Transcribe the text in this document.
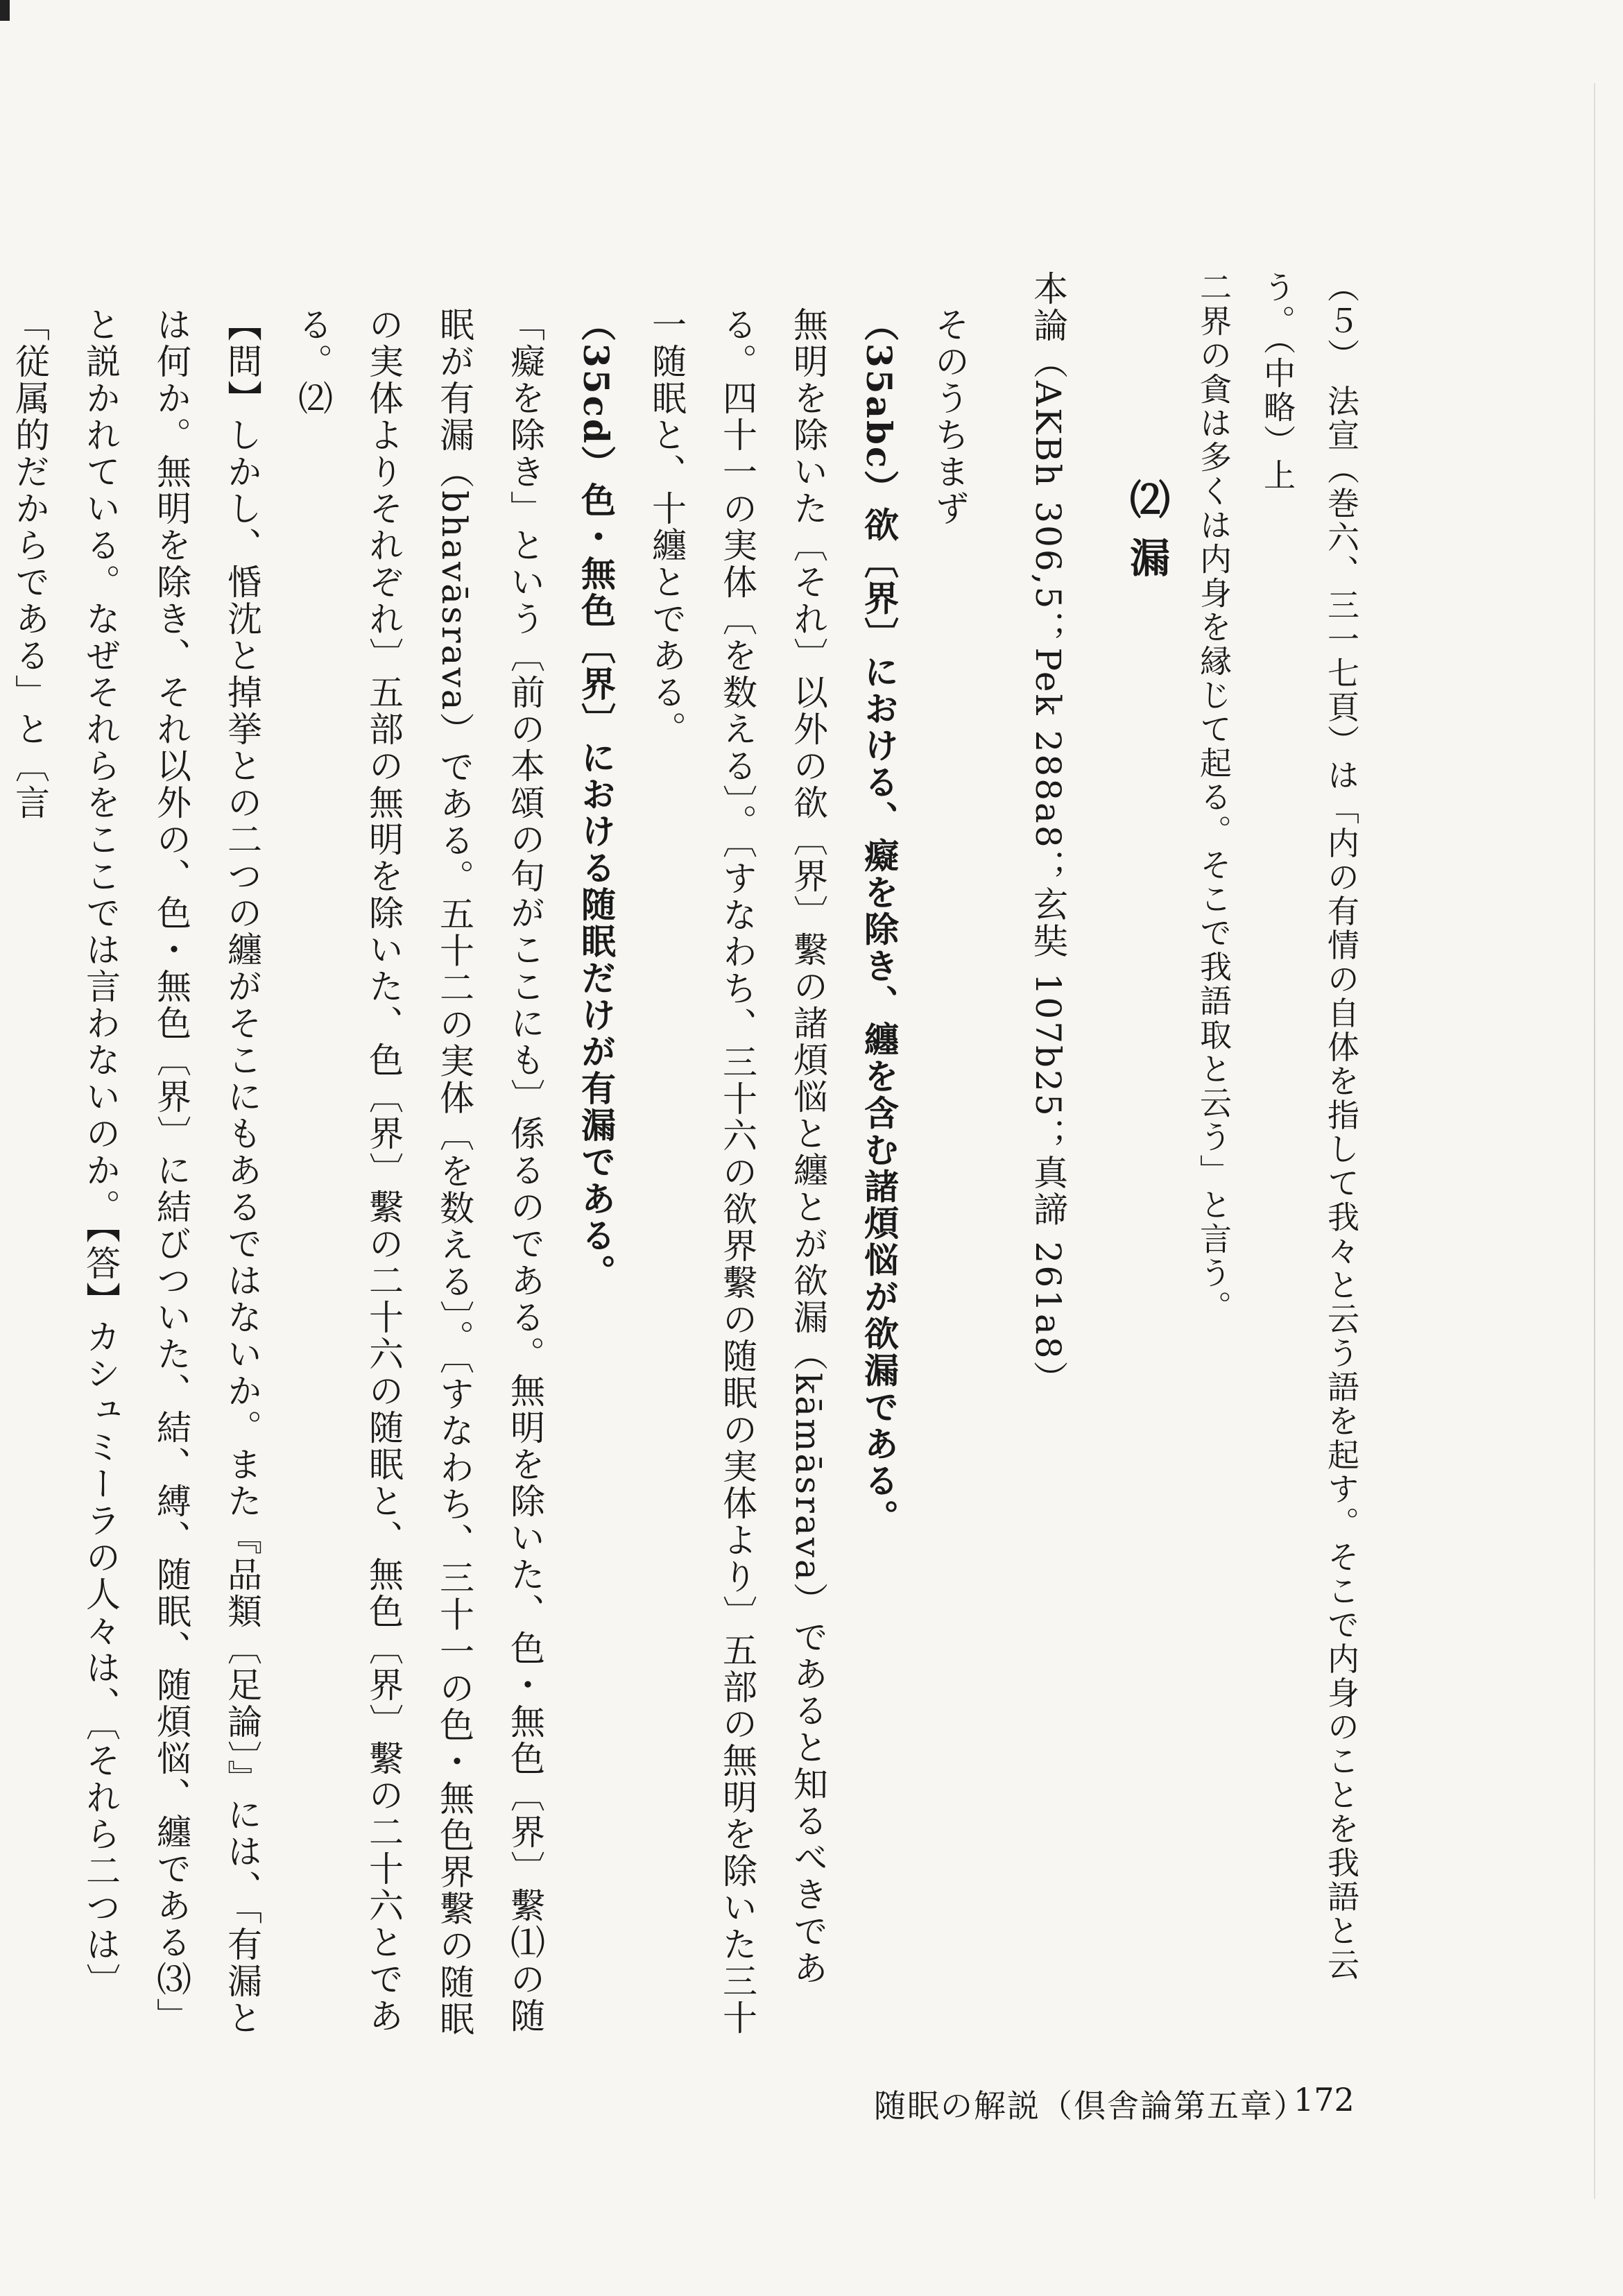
（５） 法宣（巻六、三一七頁）は「内の有情の自体を指して我々と云う語を起す。そこで内身のことを我語と云う。（中略）上

二界の貪は多くは内身を縁じて起る。そこで我語取と云う」と言う。

⑵ 漏

本論（AKBh 306,5；Pek 288a8；玄奘 107b25；真諦 261a8）

そのうちまず

（35abc）欲〔界〕における、癡を除き、纏を含む諸煩悩が欲漏である。

無明を除いた〔それ〕以外の欲〔界〕繫の諸煩悩と纏とが欲漏（kāmāsrava）であると知るべきである。四十一の実体〔を数える〕。〔すなわち、三十六の欲界繫の随眠の実体より〕五部の無明を除いた三十一随眠と、十纏とである。

（35cd）色・無色〔界〕における随眠だけが有漏である。

「癡を除き」という〔前の本頌の句がここにも〕係るのである。無明を除いた、色・無色〔界〕繫⑴の随眠が有漏（bhavāsrava）である。五十二の実体〔を数える〕。〔すなわち、三十一の色・無色界繫の随眠の実体よりそれぞれ〕五部の無明を除いた、色〔界〕繫の二十六の随眠と、無色〔界〕繫の二十六とである。⑵

【問】しかし、惛沈と掉挙との二つの纏がそこにもあるではないか。また『品類〔足論〕』には、「有漏とは何か。無明を除き、それ以外の、色・無色〔界〕に結びついた、結、縛、随眠、随煩悩、纏である⑶」と説かれている。なぜそれらをここでは言わないのか。【答】カシュミーラの人々は、〔それら二つは〕「従属的だからである」と〔言

随眠の解説（倶舎論第五章）
172
